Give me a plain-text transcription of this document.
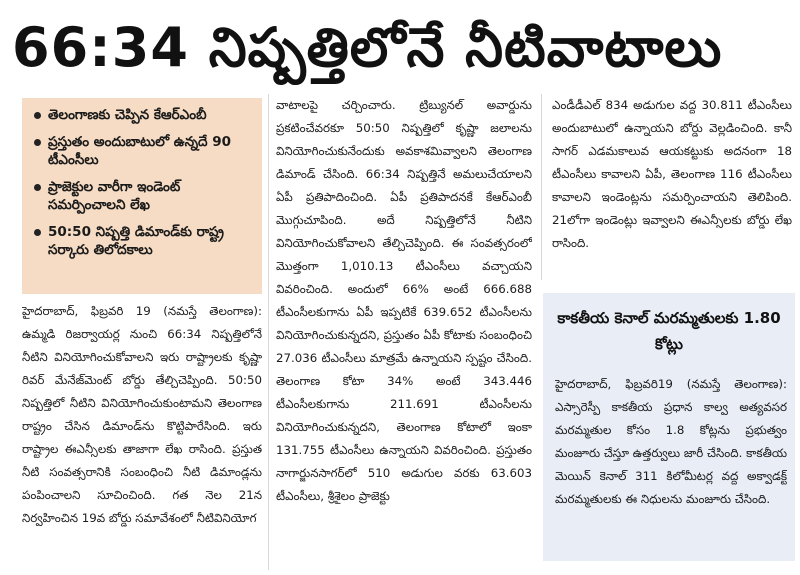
66:34 నిష్పత్తిలోనే నీటివాటాలు
తెలంగాణకు చెప్పిన కేఆర్ఎంబీ
ప్రస్తుతం అందుబాటులో ఉన్నదే 90 టీఎంసీలు
ప్రాజెక్టుల వారీగా ఇండెంట్ సమర్పించాలని లేఖ
50:50 నిష్పత్తి డిమాండ్‌కు రాష్ట్ర సర్కారు తిలోదకాలు

హైదరాబాద్, ఫిబ్రవరి 19 (నమస్తే తెలంగాణ): ఉమ్మడి రిజర్వాయర్ల నుంచి 66:34 నిష్పత్తిలోనే నీటిని వినియోగించుకోవాలని ఇరు రాష్ట్రాలకు కృష్ణా రివర్ మేనేజ్‌మెంట్ బోర్డు తేల్చిచెప్పింది. 50:50 నిష్పత్తిలో నీటిని వినియోగించుకుంటామని తెలంగాణ రాష్ట్రం చేసిన డిమాండ్‌ను కొట్టిపారేసింది. ఇరు రాష్ట్రాల ఈఎన్సీలకు తాజాగా లేఖ రాసింది. ప్రస్తుత నీటి సంవత్సరానికి సంబంధించి నీటి డిమాండ్లను పంపించాలని సూచించింది. గత నెల 21న నిర్వహించిన 19వ బోర్డు సమావేశంలో నీటివినియోగ

వాటాలపై చర్చించారు. ట్రిబ్యునల్ అవార్డును ప్రకటించేవరకూ 50:50 నిష్పత్తిలో కృష్ణా జలాలను వినియోగించుకునేందుకు అవకాశమివ్వాలని తెలంగాణ డిమాండ్ చేసింది. 66:34 నిష్పత్తినే అమలుచేయాలని ఏపీ ప్రతిపాదించింది. ఏపీ ప్రతిపాదనకే కేఆర్ఎంబీ మొగ్గుచూపింది. అదే నిష్పత్తిలోనే నీటిని వినియోగించుకోవాలని తేల్చిచెప్పింది. ఈ సంవత్సరంలో మొత్తంగా 1,010.13 టీఎంసీలు వచ్చాయని వివరించింది. అందులో 66% అంటే 666.688 టీఎంసీలకుగాను ఏపీ ఇప్పటికే 639.652 టీఎంసీలను వినియోగించుకున్నదని, ప్రస్తుతం ఏపీ కోటాకు సంబంధించి 27.036 టీఎంసీలు మాత్రమే ఉన్నాయని స్పష్టం చేసింది. తెలంగాణ కోటా 34% అంటే 343.446 టీఎంసీలకుగాను 211.691 టీఎంసీలను వినియోగించుకున్నదని, తెలంగాణ కోటాలో ఇంకా 131.755 టీఎంసీలు ఉన్నాయని వివరించింది. ప్రస్తుతం నాగార్జునసాగర్‌లో 510 అడుగుల వరకు 63.603 టీఎంసీలు, శ్రీశైలం ప్రాజెక్టు

ఎండీడీఎల్ 834 అడుగుల వద్ద 30.811 టీఎంసీలు అందుబాటులో ఉన్నాయని బోర్డు వెల్లడించింది. కానీ సాగర్ ఎడమకాలువ ఆయకట్టుకు అదనంగా 18 టీఎంసీలు కావాలని ఏపీ, తెలంగాణ 116 టీఎంసీలు కావాలని ఇండెంట్లను సమర్పించాయని తెలిపింది. 21లోగా ఇండెంట్లు ఇవ్వాలని ఈఎన్సీలకు బోర్డు లేఖ రాసింది.

కాకతీయ కెనాల్ మరమ్మతులకు 1.80 కోట్లు
హైదరాబాద్, ఫిబ్రవరి19 (నమస్తే తెలంగాణ): ఎస్సారెస్పీ కాకతీయ ప్రధాన కాల్వ అత్యవసర మరమ్మతుల కోసం 1.8 కోట్లను ప్రభుత్వం మంజూరు చేస్తూ ఉత్తర్వులు జారీ చేసింది. కాకతీయ మెయిన్ కెనాల్ 311 కిలోమీటర్ల వద్ద అక్వాడక్ట్ మరమ్మతులకు ఈ నిధులను మంజూరు చేసింది.
